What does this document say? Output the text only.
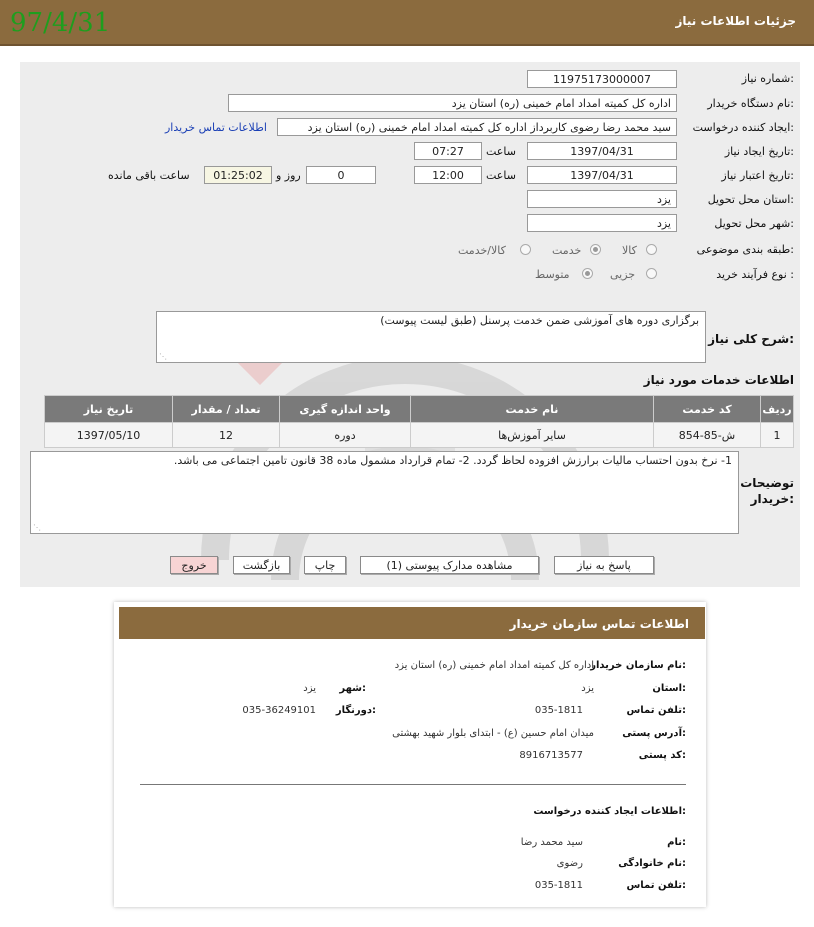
جزئیات اطلاعات نیاز
97/4/31
شماره نیاز:
11975173000007
نام دستگاه خریدار:
اداره کل کمیته امداد امام خمینی (ره) استان یزد
ایجاد کننده درخواست:
سید محمد رضا رضوی کاربرداز اداره کل کمیته امداد امام خمینی (ره) استان یزد
اطلاعات تماس خریدار
تاریخ ایجاد نیاز:
1397/04/31
ساعت
07:27
تاریخ اعتبار نیاز:
1397/04/31
ساعت
12:00
0
روز و
01:25:02
ساعت باقی مانده
استان محل تحویل:
یزد
شهر محل تحویل:
یزد
طبقه بندی موضوعی:
کالا
خدمت
کالا/خدمت
نوع فرآیند خرید :
جزیی
متوسط
شرح کلی نیاز:
برگزاری دوره های آموزشی ضمن خدمت پرسنل (طبق لیست پیوست)
⋰
اطلاعات خدمات مورد نیاز
ردیف	کد خدمت	نام خدمت	واحد اندازه گیری	تعداد / مقدار	تاریخ نیاز
1	ش-85-854	سایر آموزش‌ها	دوره	12	1397/05/10
توضیحات
خریدار:
1- نرخ بدون احتساب مالیات برارزش افزوده لحاظ گردد. 2- تمام قرارداد مشمول ماده 38 قانون تامین اجتماعی می باشد.
⋰
پاسخ به نیاز
مشاهده مدارک پیوستی (1)
چاپ
بازگشت
خروج
اطلاعات تماس سازمان خریدار
نام سازمان خریدار:
اداره کل کمیته امداد امام خمینی (ره) استان یزد
استان:
یزد
شهر:
یزد
تلفن تماس:
035-1811
دورنگار:
035-36249101
آدرس پستی:
میدان امام حسین (ع) - ابتدای بلوار شهید بهشتی
کد پستی:
8916713577
اطلاعات ایجاد کننده درخواست:
نام:
سید محمد رضا
نام خانوادگی:
رضوی
تلفن تماس:
035-1811
